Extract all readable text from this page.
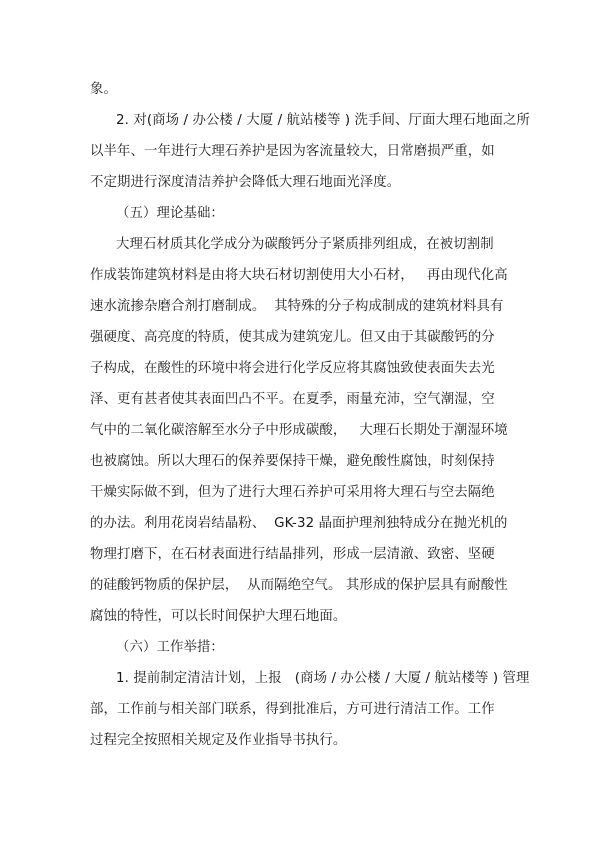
象。
2. 对(商场 / 办公楼 / 大厦 / 航站楼等 ) 洗手间、厅面大理石地面之所
以半年、一年进行大理石养护是因为客流量较大，日常磨损严重，如
不定期进行深度清洁养护会降低大理石地面光泽度。
（五）理论基础：
大理石材质其化学成分为碳酸钙分子紧质排列组成，在被切割制
作成装饰建筑材料是由将大块石材切割使用大小石材，   再由现代化高
速水流掺杂磨合剂打磨制成。  其特殊的分子构成制成的建筑材料具有
强硬度、高亮度的特质，使其成为建筑宠儿。但又由于其碳酸钙的分
子构成，在酸性的环境中将会进行化学反应将其腐蚀致使表面失去光
泽、更有甚者使其表面凹凸不平。在夏季，雨量充沛，空气潮湿，空
气中的二氧化碳溶解至水分子中形成碳酸，   大理石长期处于潮湿环境
也被腐蚀。所以大理石的保养要保持干燥，避免酸性腐蚀，时刻保持
干燥实际做不到，但为了进行大理石养护可采用将大理石与空去隔绝
的办法。利用花岗岩结晶粉、  GK-32 晶面护理剂独特成分在抛光机的
物理打磨下，在石材表面进行结晶排列，形成一层清澈、致密、坚硬
的硅酸钙物质的保护层，  从而隔绝空气。 其形成的保护层具有耐酸性
腐蚀的特性，可以长时间保护大理石地面。
（六）工作举措：
1. 提前制定清洁计划，上报   (商场 / 办公楼 / 大厦 / 航站楼等 ) 管理
部，工作前与相关部门联系，得到批准后，方可进行清洁工作。工作
过程完全按照相关规定及作业指导书执行。
